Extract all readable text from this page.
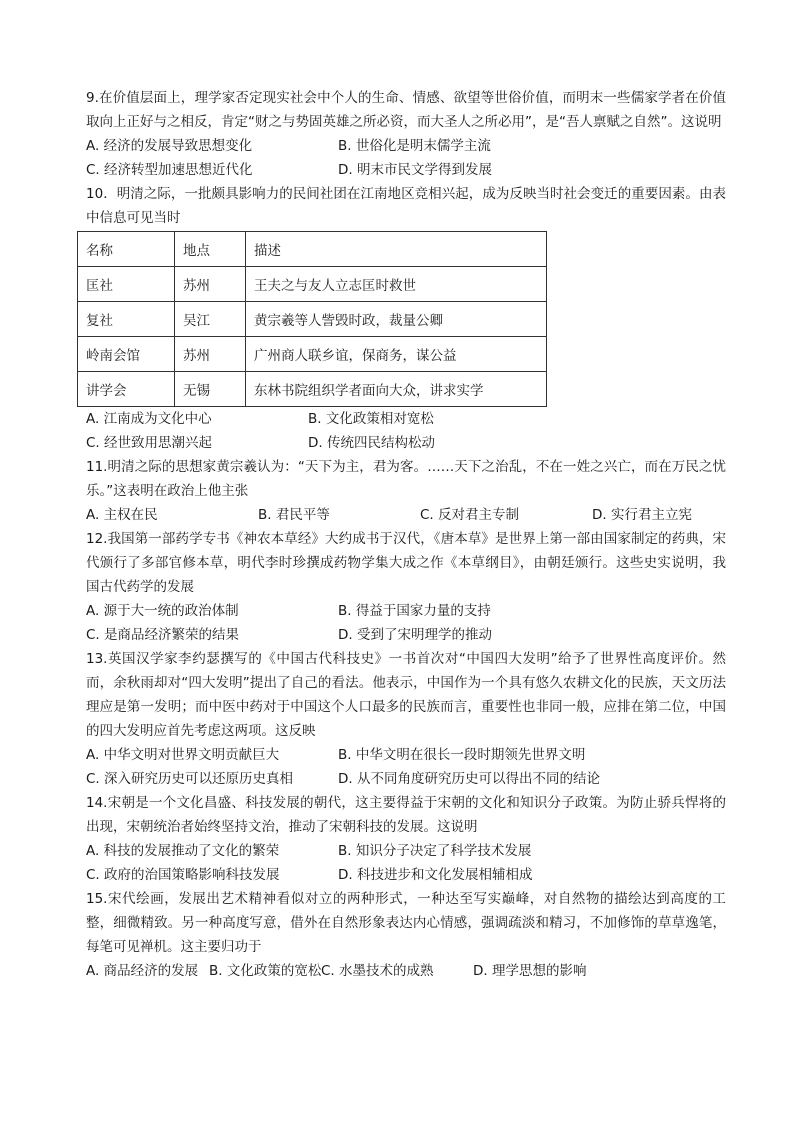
9.在价值层面上，理学家否定现实社会中个人的生命、情感、欲望等世俗价值，而明末一些儒家学者在价值取向上正好与之相反，肯定“财之与势固英雄之所必资，而大圣人之所必用”，是“吾人禀赋之自然”。这说明

A. 经济的发展导致思想变化	B. 世俗化是明末儒学主流
C. 经济转型加速思想近代化	D. 明末市民文学得到发展

10．明清之际，一批颇具影响力的民间社团在江南地区竞相兴起，成为反映当时社会变迁的重要因素。由表中信息可见当时

名称	地点	描述
匡社	苏州	王夫之与友人立志匡时救世
复社	吴江	黄宗羲等人訾毁时政，裁量公卿
岭南会馆	苏州	广州商人联乡谊，保商务，谋公益
讲学会	无锡	东林书院组织学者面向大众，讲求实学
A. 江南成为文化中心	B. 文化政策相对宽松
C. 经世致用思潮兴起	D. 传统四民结构松动

11.明清之际的思想家黄宗羲认为：“天下为主，君为客。……天下之治乱，不在一姓之兴亡，而在万民之忧乐。”这表明在政治上他主张

A. 主权在民	B. 君民平等	C. 反对君主专制	D. 实行君主立宪

12.我国第一部药学专书《神农本草经》大约成书于汉代，《唐本草》是世界上第一部由国家制定的药典，宋代颁行了多部官修本草，明代李时珍撰成药物学集大成之作《本草纲目》，由朝廷颁行。这些史实说明，我国古代药学的发展

A. 源于大一统的政治体制	B. 得益于国家力量的支持
C. 是商品经济繁荣的结果	D. 受到了宋明理学的推动

13.英国汉学家李约瑟撰写的《中国古代科技史》一书首次对“中国四大发明”给予了世界性高度评价。然而，余秋雨却对“四大发明”提出了自己的看法。他表示，中国作为一个具有悠久农耕文化的民族，天文历法理应是第一发明；而中医中药对于中国这个人口最多的民族而言，重要性也非同一般，应排在第二位，中国的四大发明应首先考虑这两项。这反映

A. 中华文明对世界文明贡献巨大	B. 中华文明在很长一段时期领先世界文明
C. 深入研究历史可以还原历史真相	D. 从不同角度研究历史可以得出不同的结论

14.宋朝是一个文化昌盛、科技发展的朝代，这主要得益于宋朝的文化和知识分子政策。为防止骄兵悍将的出现，宋朝统治者始终坚持文治，推动了宋朝科技的发展。这说明

A. 科技的发展推动了文化的繁荣	B. 知识分子决定了科学技术发展
C. 政府的治国策略影响科技发展	D. 科技进步和文化发展相辅相成

15.宋代绘画，发展出艺术精神看似对立的两种形式，一种达至写实巅峰，对自然物的描绘达到高度的工整，细微精致。另一种高度写意，借外在自然形象表达内心情感，强调疏淡和精习，不加修饰的草草逸笔，每笔可见禅机。这主要归功于

A. 商品经济的发展 B. 文化政策的宽松 C. 水墨技术的成熟	D. 理学思想的影响
